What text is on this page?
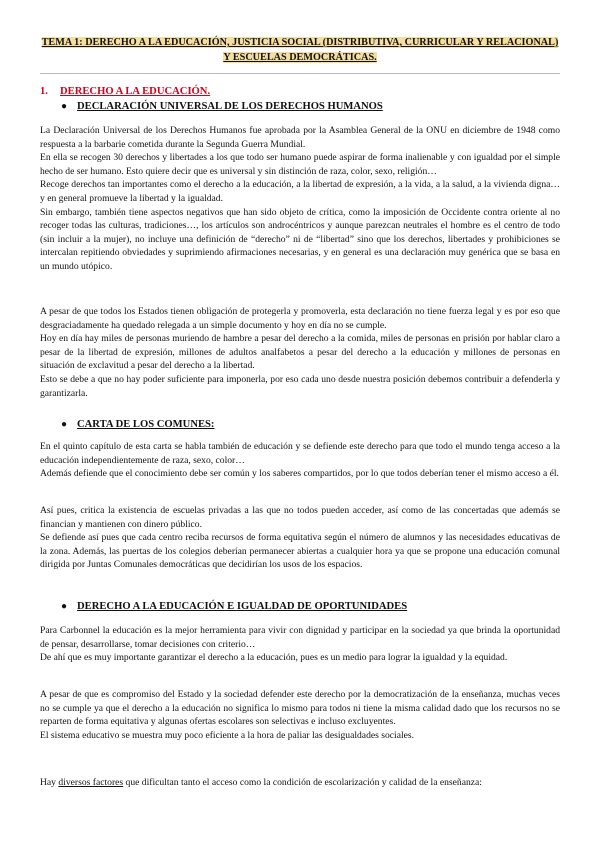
TEMA 1: DERECHO A LA EDUCACIÓN, JUSTICIA SOCIAL (DISTRIBUTIVA, CURRICULAR Y RELACIONAL) Y ESCUELAS DEMOCRÁTICAS.
1. DERECHO A LA EDUCACIÓN.
● DECLARACIÓN UNIVERSAL DE LOS DERECHOS HUMANOS

La Declaración Universal de los Derechos Humanos fue aprobada por la Asamblea General de la ONU en diciembre de 1948 como respuesta a la barbarie cometida durante la Segunda Guerra Mundial.

En ella se recogen 30 derechos y libertades a los que todo ser humano puede aspirar de forma inalienable y con igualdad por el simple hecho de ser humano. Esto quiere decir que es universal y sin distinción de raza, color, sexo, religión…

Recoge derechos tan importantes como el derecho a la educación, a la libertad de expresión, a la vida, a la salud, a la vivienda digna… y en general promueve la libertad y la igualdad.

Sin embargo, también tiene aspectos negativos que han sido objeto de crítica, como la imposición de Occidente contra oriente al no recoger todas las culturas, tradiciones…, los artículos son androcéntricos y aunque parezcan neutrales el hombre es el centro de todo (sin incluir a la mujer), no incluye una definición de “derecho” ni de “libertad” sino que los derechos, libertades y prohibiciones se intercalan repitiendo obviedades y suprimiendo afirmaciones necesarias, y en general es una declaración muy genérica que se basa en un mundo utópico.

A pesar de que todos los Estados tienen obligación de protegerla y promoverla, esta declaración no tiene fuerza legal y es por eso que desgraciadamente ha quedado relegada a un simple documento y hoy en día no se cumple.

Hoy en día hay miles de personas muriendo de hambre a pesar del derecho a la comida, miles de personas en prisión por hablar claro a pesar de la libertad de expresión, millones de adultos analfabetos a pesar del derecho a la educación y millones de personas en situación de exclavitud a pesar del derecho a la libertad.

Esto se debe a que no hay poder suficiente para imponerla, por eso cada uno desde nuestra posición debemos contribuir a defenderla y garantizarla.

● CARTA DE LOS COMUNES:

En el quinto capítulo de esta carta se habla también de educación y se defiende este derecho para que todo el mundo tenga acceso a la educación independientemente de raza, sexo, color…

Además defiende que el conocimiento debe ser común y los saberes compartidos, por lo que todos deberían tener el mismo acceso a él.

Así pues, critica la existencia de escuelas privadas a las que no todos pueden acceder, así como de las concertadas que además se financian y mantienen con dinero público.

Se defiende así pues que cada centro reciba recursos de forma equitativa según el número de alumnos y las necesidades educativas de la zona. Además, las puertas de los colegios deberían permanecer abiertas a cualquier hora ya que se propone una educación comunal dirigida por Juntas Comunales democráticas que decidirían los usos de los espacios.

● DERECHO A LA EDUCACIÓN E IGUALDAD DE OPORTUNIDADES

Para Carbonnel la educación es la mejor herramienta para vivir con dignidad y participar en la sociedad ya que brinda la oportunidad de pensar, desarrollarse, tomar decisiones con criterio…

De ahí que es muy importante garantizar el derecho a la educación, pues es un medio para lograr la igualdad y la equidad.

A pesar de que es compromiso del Estado y la sociedad defender este derecho por la democratización de la enseñanza, muchas veces no se cumple ya que el derecho a la educación no significa lo mismo para todos ni tiene la misma calidad dado que los recursos no se reparten de forma equitativa y algunas ofertas escolares son selectivas e incluso excluyentes.

El sistema educativo se muestra muy poco eficiente a la hora de paliar las desigualdades sociales.

Hay diversos factores que dificultan tanto el acceso como la condición de escolarización y calidad de la enseñanza:
